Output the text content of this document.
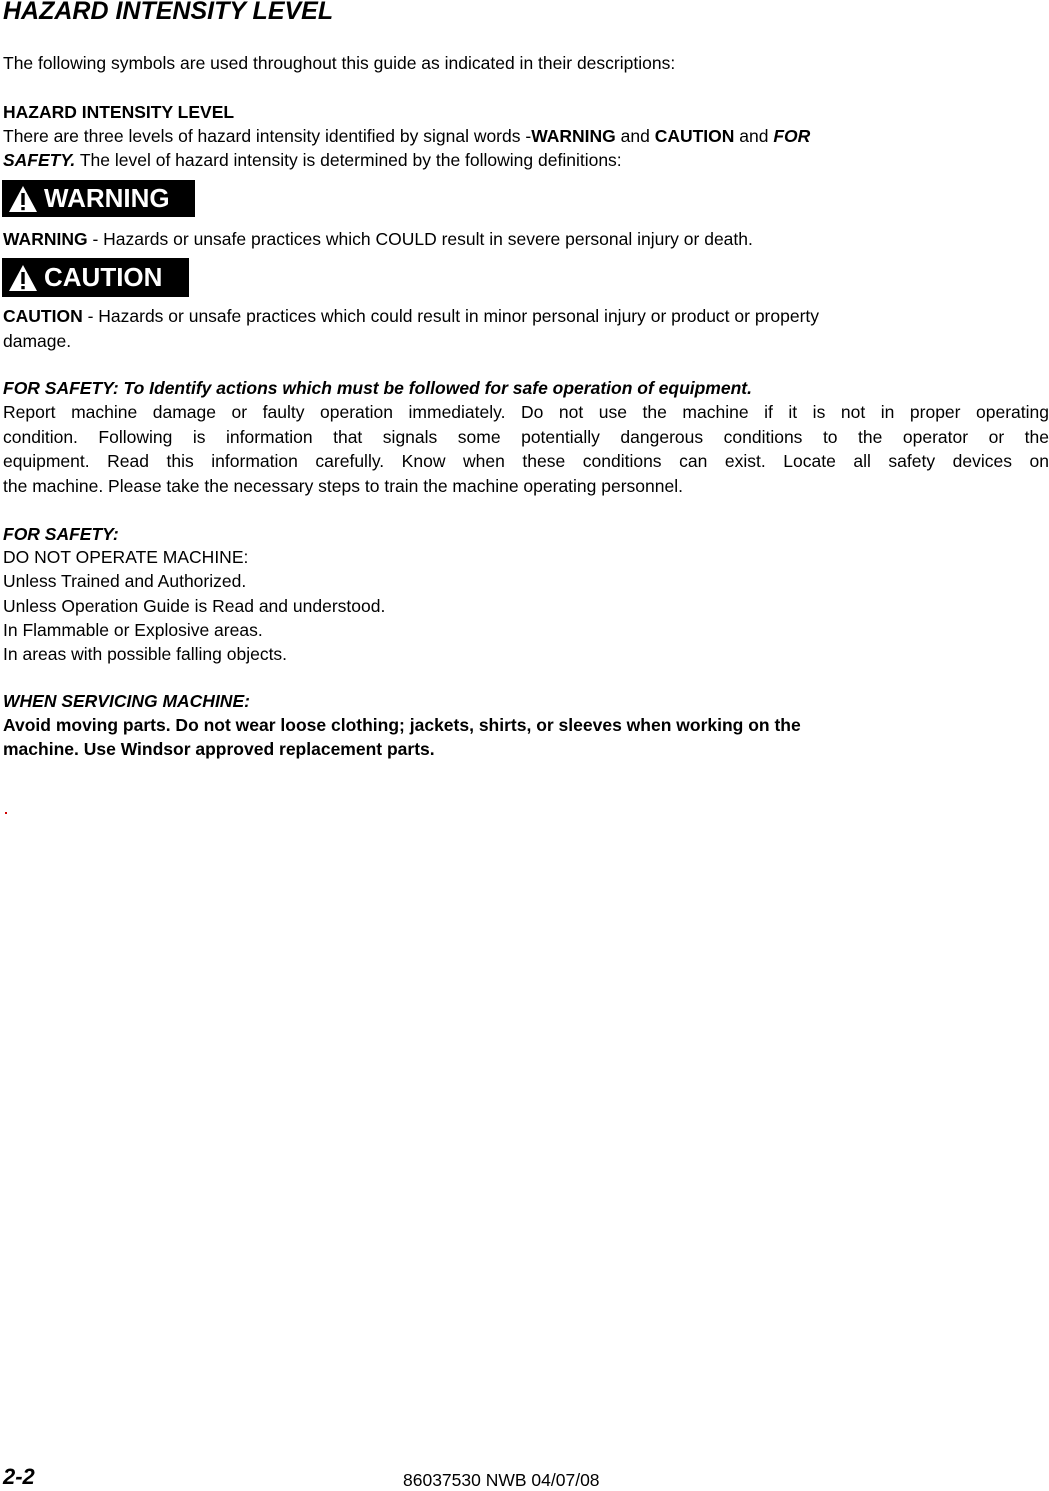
HAZARD INTENSITY LEVEL
The following symbols are used throughout this guide as indicated in their descriptions:
HAZARD INTENSITY LEVEL
There are three levels of hazard intensity identified by signal words -WARNING and CAUTION and FOR
SAFETY. The level of hazard intensity is determined by the following definitions:
WARNING
WARNING - Hazards or unsafe practices which COULD result in severe personal injury or death.
CAUTION
CAUTION - Hazards or unsafe practices which could result in minor personal injury or product or property
damage.
FOR SAFETY: To Identify actions which must be followed for safe operation of equipment.
Report machine damage or faulty operation immediately. Do not use the machine if it is not in proper operating
condition. Following is information that signals some potentially dangerous conditions to the operator or the
equipment. Read this information carefully. Know when these conditions can exist. Locate all safety devices on
the machine. Please take the necessary steps to train the machine operating personnel.
FOR SAFETY:
DO NOT OPERATE MACHINE:
Unless Trained and Authorized.
Unless Operation Guide is Read and understood.
In Flammable or Explosive areas.
In areas with possible falling objects.
WHEN SERVICING MACHINE:
Avoid moving parts. Do not wear loose clothing; jackets, shirts, or sleeves when working on the
machine. Use Windsor approved replacement parts.
2-2	86037530 NWB 04/07/08
